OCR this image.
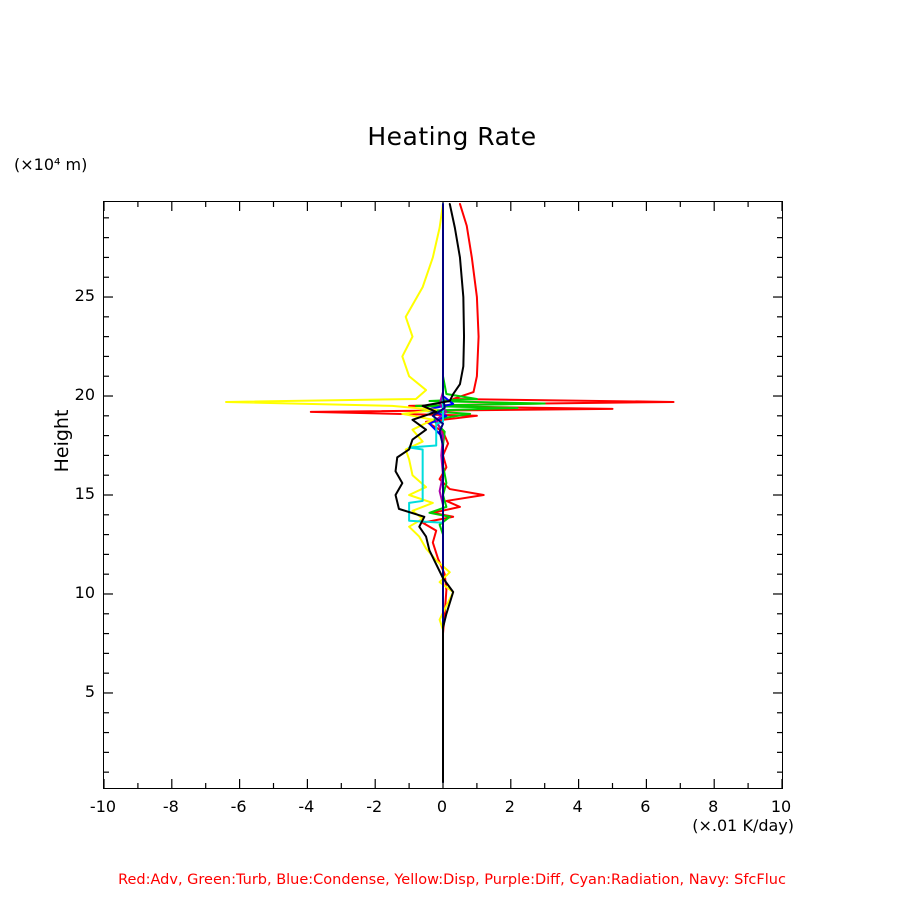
Heating Rate
(×10⁴ m)
Height
(×.01 K/day)
-10	-8	-6	-4	-2	0	2	4	6	8	10
5
10
15
20
25
Red:Adv, Green:Turb, Blue:Condense, Yellow:Disp, Purple:Diff, Cyan:Radiation, Navy: SfcFluc
